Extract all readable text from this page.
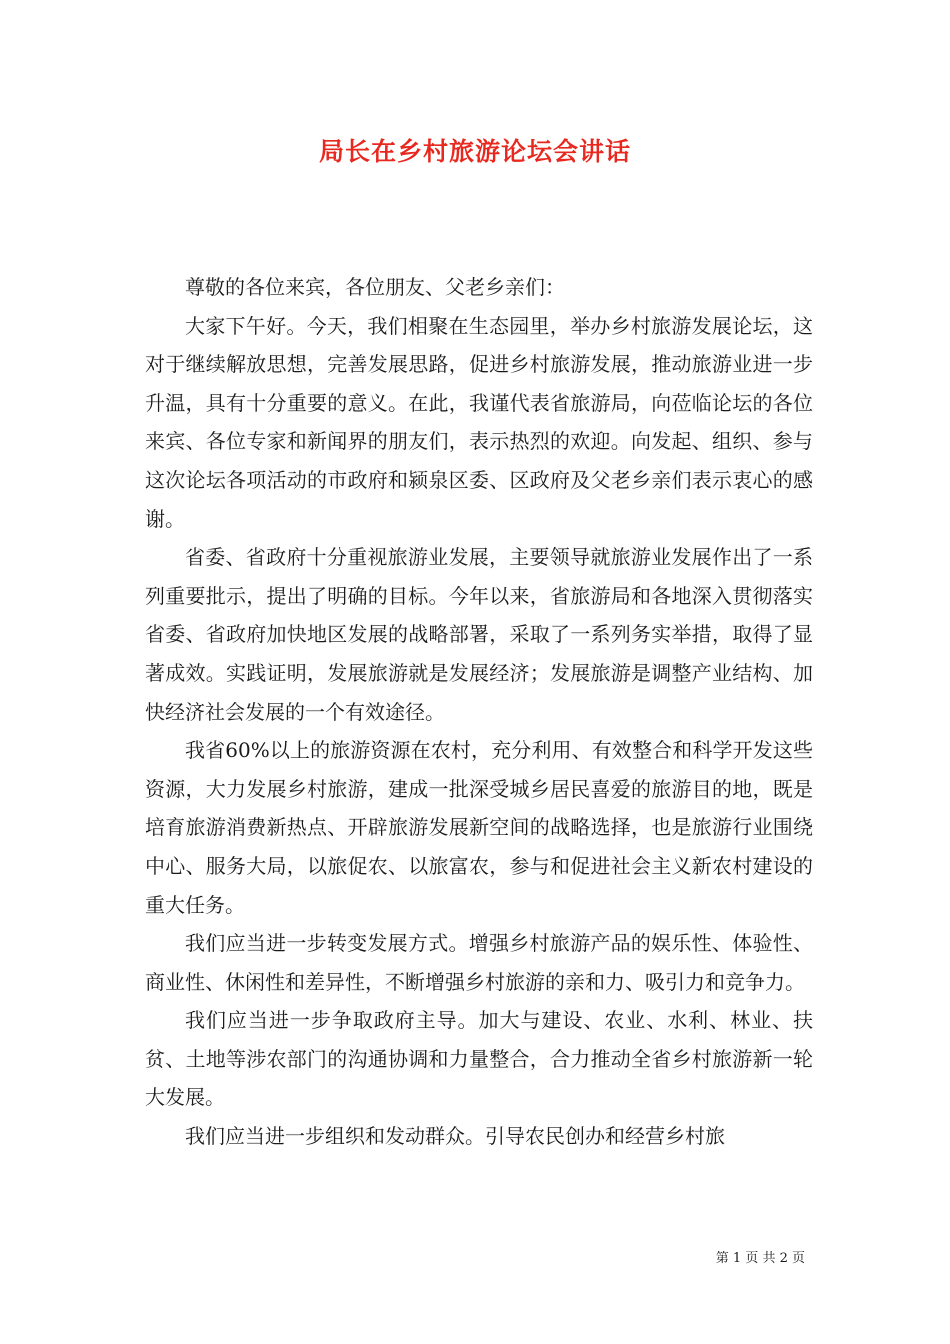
局长在乡村旅游论坛会讲话

尊敬的各位来宾，各位朋友、父老乡亲们：

大家下午好。今天，我们相聚在生态园里，举办乡村旅游发展论坛，这对于继续解放思想，完善发展思路，促进乡村旅游发展，推动旅游业进一步升温，具有十分重要的意义。在此，我谨代表省旅游局，向莅临论坛的各位来宾、各位专家和新闻界的朋友们，表示热烈的欢迎。向发起、组织、参与这次论坛各项活动的市政府和颍泉区委、区政府及父老乡亲们表示衷心的感谢。

省委、省政府十分重视旅游业发展，主要领导就旅游业发展作出了一系列重要批示，提出了明确的目标。今年以来，省旅游局和各地深入贯彻落实省委、省政府加快地区发展的战略部署，采取了一系列务实举措，取得了显著成效。实践证明，发展旅游就是发展经济；发展旅游是调整产业结构、加快经济社会发展的一个有效途径。

我省60%以上的旅游资源在农村，充分利用、有效整合和科学开发这些资源，大力发展乡村旅游，建成一批深受城乡居民喜爱的旅游目的地，既是培育旅游消费新热点、开辟旅游发展新空间的战略选择，也是旅游行业围绕中心、服务大局，以旅促农、以旅富农，参与和促进社会主义新农村建设的重大任务。

我们应当进一步转变发展方式。增强乡村旅游产品的娱乐性、体验性、商业性、休闲性和差异性，不断增强乡村旅游的亲和力、吸引力和竞争力。

我们应当进一步争取政府主导。加大与建设、农业、水利、林业、扶贫、土地等涉农部门的沟通协调和力量整合，合力推动全省乡村旅游新一轮大发展。

我们应当进一步组织和发动群众。引导农民创办和经营乡村旅

第 1 页 共 2 页
